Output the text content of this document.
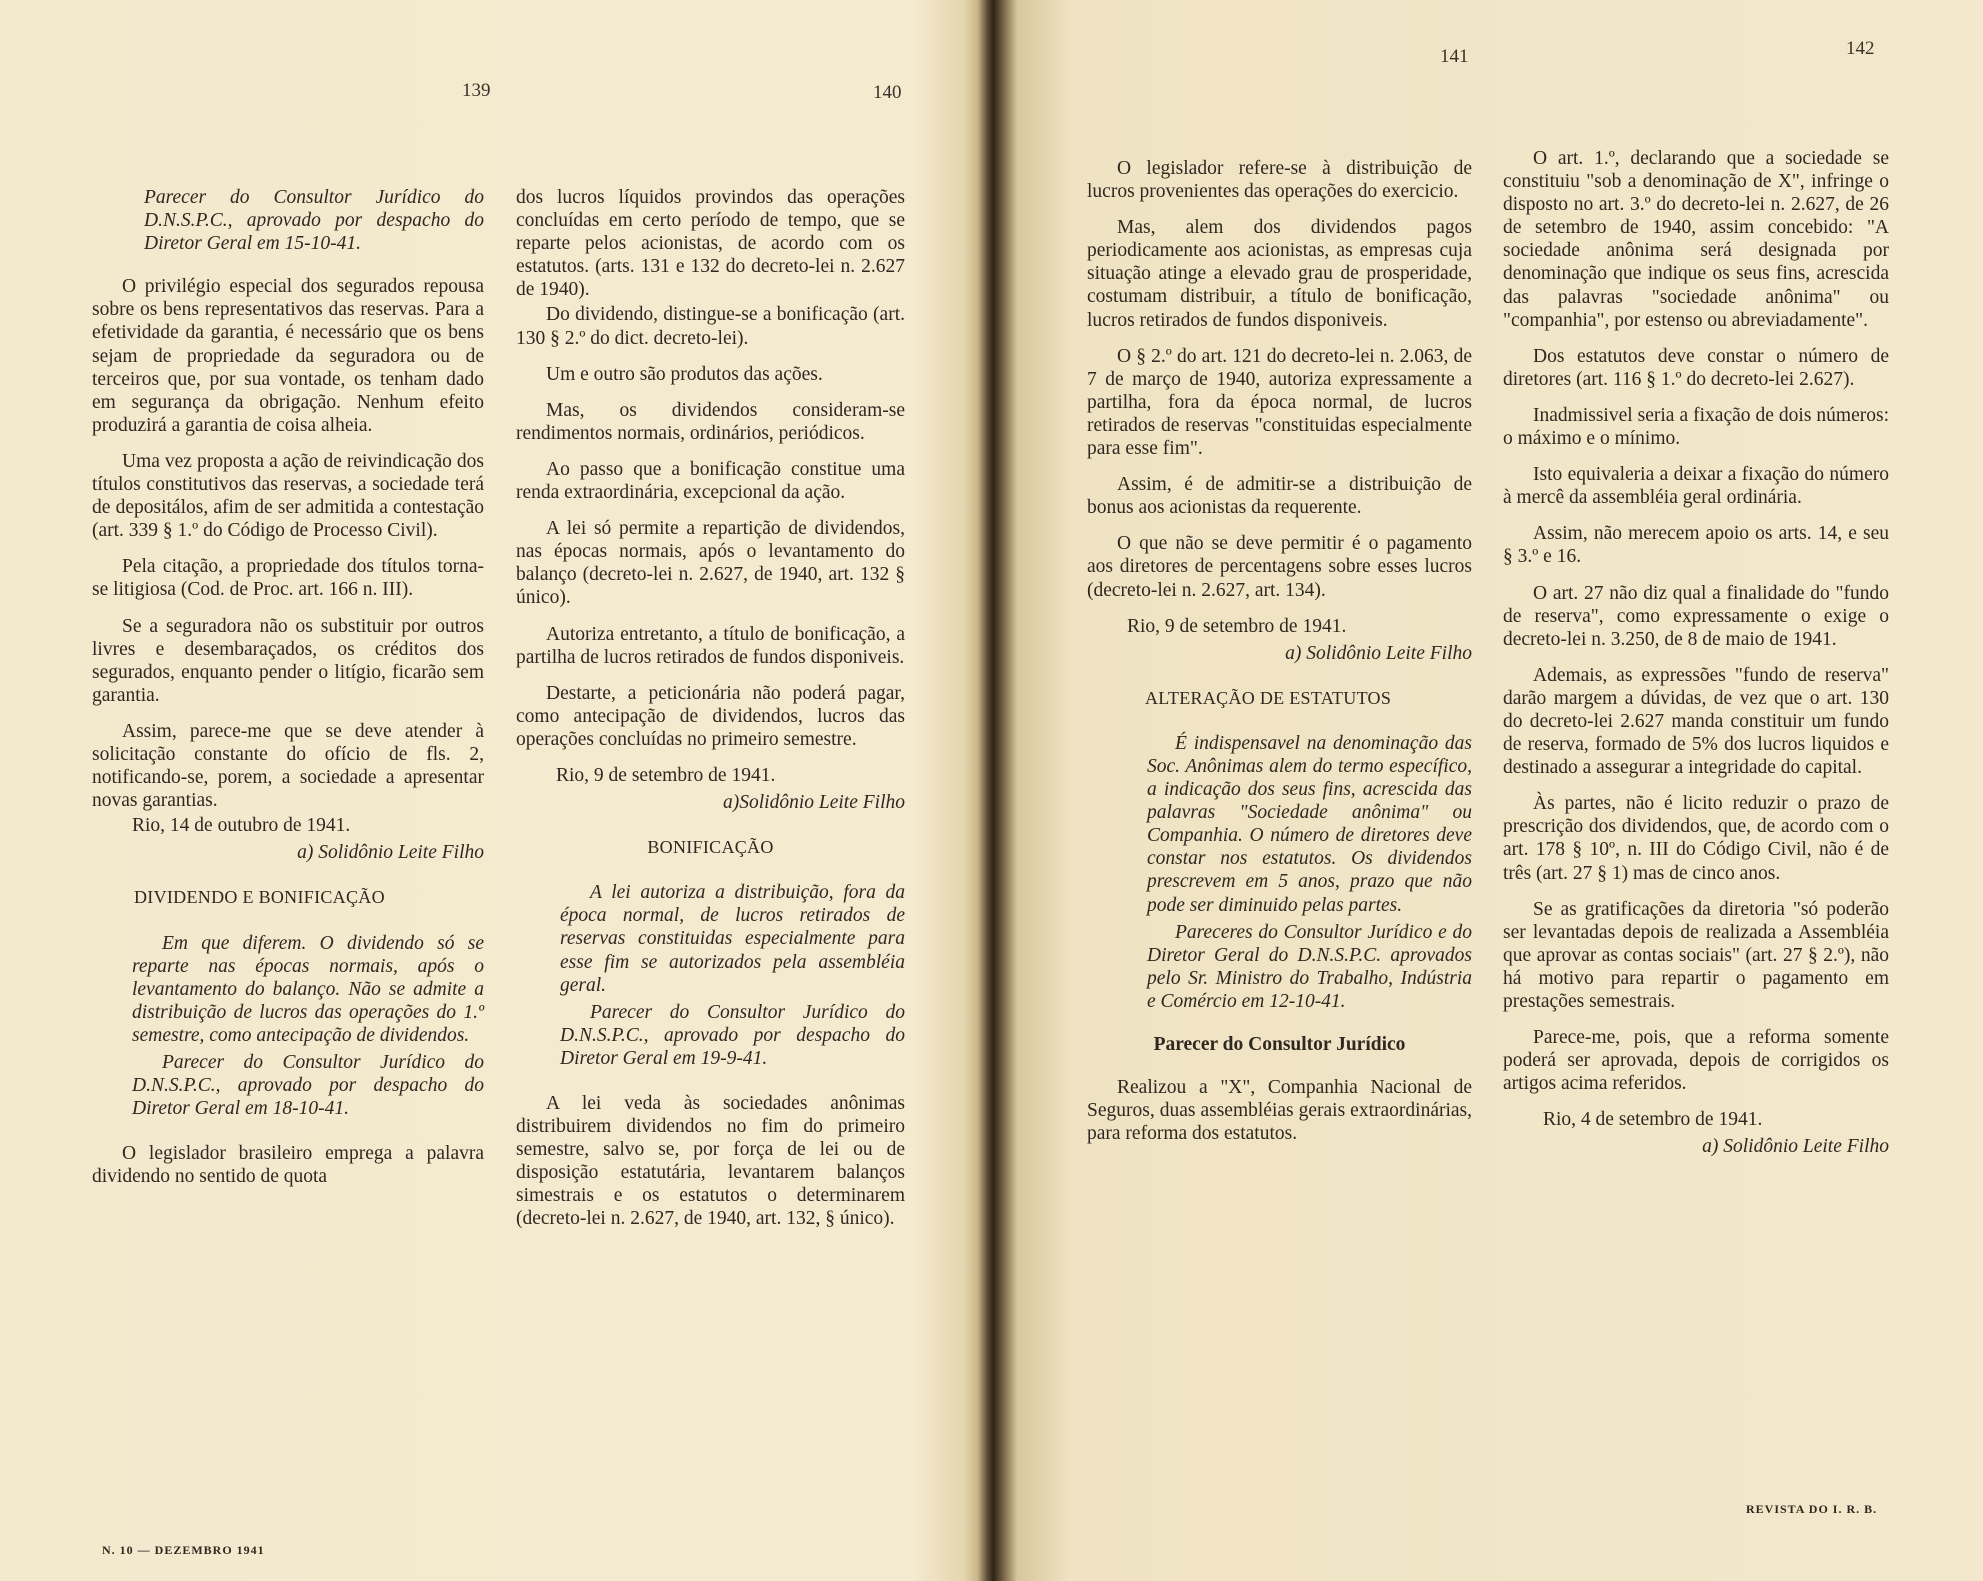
139	140
141	142

Parecer do Consultor Jurídico do D.N.S.P.C., aprovado por despacho do Diretor Geral em 15-10-41.

O privilégio especial dos segurados repousa sobre os bens representativos das reservas. Para a efetividade da garantia, é necessário que os bens sejam de propriedade da seguradora ou de terceiros que, por sua vontade, os tenham dado em segurança da obrigação. Nenhum efeito produzirá a garantia de coisa alheia.

Uma vez proposta a ação de reivindicação dos títulos constitutivos das reservas, a sociedade terá de depositálos, afim de ser admitida a contestação (art. 339 § 1.º do Código de Processo Civil).

Pela citação, a propriedade dos títulos torna-se litigiosa (Cod. de Proc. art. 166 n. III).

Se a seguradora não os substituir por outros livres e desembaraçados, os créditos dos segurados, enquanto pender o litígio, ficarão sem garantia.

Assim, parece-me que se deve atender à solicitação constante do ofício de fls. 2, notificando-se, porem, a sociedade a apresentar novas garantias.

Rio, 14 de outubro de 1941.

a) Solidônio Leite Filho

DIVIDENDO E BONIFICAÇÃO

Em que diferem. O dividendo só se reparte nas épocas normais, após o levantamento do balanço. Não se admite a distribuição de lucros das operações do 1.º semestre, como antecipação de dividendos.

Parecer do Consultor Jurídico do D.N.S.P.C., aprovado por despacho do Diretor Geral em 18-10-41.

O legislador brasileiro emprega a palavra dividendo no sentido de quota

dos lucros líquidos provindos das operações concluídas em certo período de tempo, que se reparte pelos acionistas, de acordo com os estatutos. (arts. 131 e 132 do decreto-lei n. 2.627 de 1940).

Do dividendo, distingue-se a bonificação (art. 130 § 2.º do dict. decreto-lei).

Um e outro são produtos das ações.

Mas, os dividendos consideram-se rendimentos normais, ordinários, periódicos.

Ao passo que a bonificação constitue uma renda extraordinária, excepcional da ação.

A lei só permite a repartição de dividendos, nas épocas normais, após o levantamento do balanço (decreto-lei n. 2.627, de 1940, art. 132 § único).

Autoriza entretanto, a título de bonificação, a partilha de lucros retirados de fundos disponiveis.

Destarte, a peticionária não poderá pagar, como antecipação de dividendos, lucros das operações concluídas no primeiro semestre.

Rio, 9 de setembro de 1941.

a)Solidônio Leite Filho

BONIFICAÇÃO

A lei autoriza a distribuição, fora da época normal, de lucros retirados de reservas constituidas especialmente para esse fim se autorizados pela assembléia geral.

Parecer do Consultor Jurídico do D.N.S.P.C., aprovado por despacho do Diretor Geral em 19-9-41.

A lei veda às sociedades anônimas distribuirem dividendos no fim do primeiro semestre, salvo se, por força de lei ou de disposição estatutária, levantarem balanços simestrais e os estatutos o determinarem (decreto-lei n. 2.627, de 1940, art. 132, § único).

O legislador refere-se à distribuição de lucros provenientes das operações do exercicio.

Mas, alem dos dividendos pagos periodicamente aos acionistas, as empresas cuja situação atinge a elevado grau de prosperidade, costumam distribuir, a título de bonificação, lucros retirados de fundos disponiveis.

O § 2.º do art. 121 do decreto-lei n. 2.063, de 7 de março de 1940, autoriza expressamente a partilha, fora da época normal, de lucros retirados de reservas "constituidas especialmente para esse fim".

Assim, é de admitir-se a distribuição de bonus aos acionistas da requerente.

O que não se deve permitir é o pagamento aos diretores de percentagens sobre esses lucros (decreto-lei n. 2.627, art. 134).

Rio, 9 de setembro de 1941.

a) Solidônio Leite Filho

ALTERAÇÃO DE ESTATUTOS

É indispensavel na denominação das Soc. Anônimas alem do termo específico, a indicação dos seus fins, acrescida das palavras "Sociedade anônima" ou Companhia. O número de diretores deve constar nos estatutos. Os dividendos prescrevem em 5 anos, prazo que não pode ser diminuido pelas partes.

Pareceres do Consultor Jurídico e do Diretor Geral do D.N.S.P.C. aprovados pelo Sr. Ministro do Trabalho, Indústria e Comércio em 12-10-41.

Parecer do Consultor Jurídico

Realizou a "X", Companhia Nacional de Seguros, duas assembléias gerais extraordinárias, para reforma dos estatutos.

O art. 1.º, declarando que a sociedade se constituiu "sob a denominação de X", infringe o disposto no art. 3.º do decreto-lei n. 2.627, de 26 de setembro de 1940, assim concebido: "A sociedade anônima será designada por denominação que indique os seus fins, acrescida das palavras "sociedade anônima" ou "companhia", por estenso ou abreviadamente".

Dos estatutos deve constar o número de diretores (art. 116 § 1.º do decreto-lei 2.627).

Inadmissivel seria a fixação de dois números: o máximo e o mínimo.

Isto equivaleria a deixar a fixação do número à mercê da assembléia geral ordinária.

Assim, não merecem apoio os arts. 14, e seu § 3.º e 16.

O art. 27 não diz qual a finalidade do "fundo de reserva", como expressamente o exige o decreto-lei n. 3.250, de 8 de maio de 1941.

Ademais, as expressões "fundo de reserva" darão margem a dúvidas, de vez que o art. 130 do decreto-lei 2.627 manda constituir um fundo de reserva, formado de 5% dos lucros liquidos e destinado a assegurar a integridade do capital.

Às partes, não é licito reduzir o prazo de prescrição dos dividendos, que, de acordo com o art. 178 § 10º, n. III do Código Civil, não é de três (art. 27 § 1) mas de cinco anos.

Se as gratificações da diretoria "só poderão ser levantadas depois de realizada a Assembléia que aprovar as contas sociais" (art. 27 § 2.º), não há motivo para repartir o pagamento em prestações semestrais.

Parece-me, pois, que a reforma somente poderá ser aprovada, depois de corrigidos os artigos acima referidos.

Rio, 4 de setembro de 1941.

a) Solidônio Leite Filho

N. 10 — DEZEMBRO 1941
REVISTA DO I. R. B.
